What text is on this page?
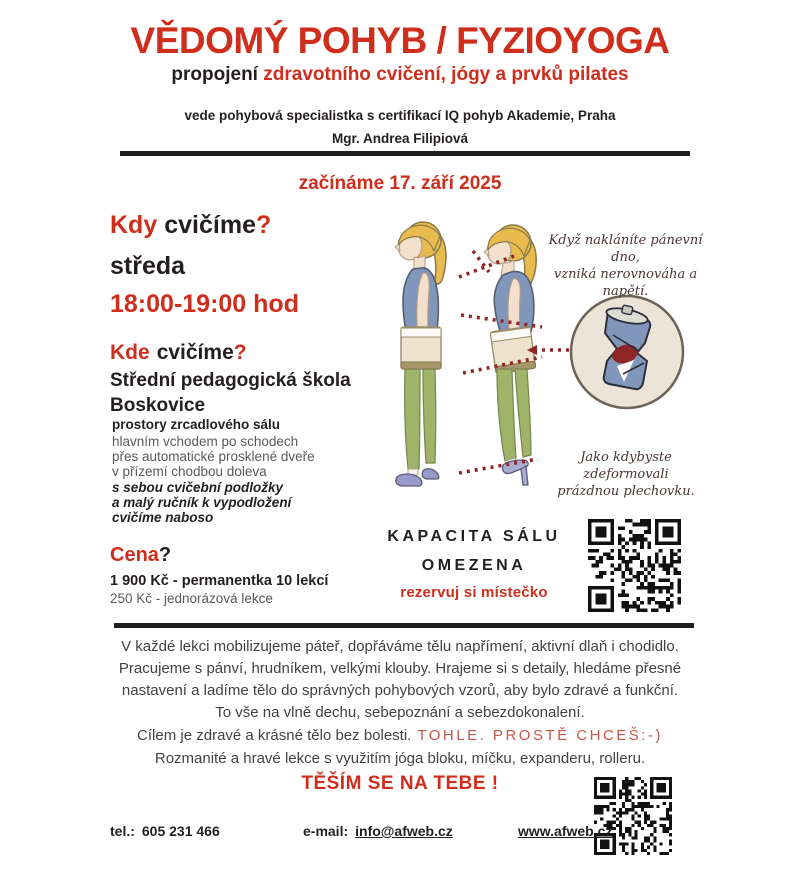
VĚDOMÝ POHYB / FYZIOYOGA
propojení zdravotního cvičení, jógy a prvků pilates
vede pohybová specialistka s certifikací IQ pohyb Akademie, Praha
Mgr. Andrea Filipiová
začínáme 17. září 2025
Kdy cvičíme?
středa
18:00-19:00 hod
Kde cvičíme?
Střední pedagogická škola
Boskovice
prostory zrcadlového sálu
hlavním vchodem po schodech
přes automatické prosklené dveře
v přízemí chodbou doleva
s sebou cvičební podložky
a malý ručník k vypodložení
cvičíme naboso
Cena?
1 900 Kč - permanentka 10 lekcí
250 Kč - jednorázová lekce
Když nakláníte pánevní dno,
vzniká nerovnováha a napětí.
Jako kdybyste zdeformovali
prázdnou plechovku.
KAPACITA SÁLU
OMEZENA
rezervuj si místečko
V každé lekci mobilizujeme páteř, dopřáváme tělu napřímení, aktivní dlaň i chodidlo.
Pracujeme s pánví, hrudníkem, velkými klouby. Hrajeme si s detaily, hledáme přesné
nastavení a ladíme tělo do správných pohybových vzorů, aby bylo zdravé a funkční.
To vše na vlně dechu, sebepoznání a sebezdokonalení.
Cílem je zdravé a krásné tělo bez bolesti. TOHLE. PROSTĚ CHCEŠ:-)
Rozmanité a hravé lekce s využitím jóga bloku, míčku, expanderu, rolleru.
TĚŠÍM SE NA TEBE !
tel.: 605 231 466	e-mail: info@afweb.cz	www.afweb.cz
